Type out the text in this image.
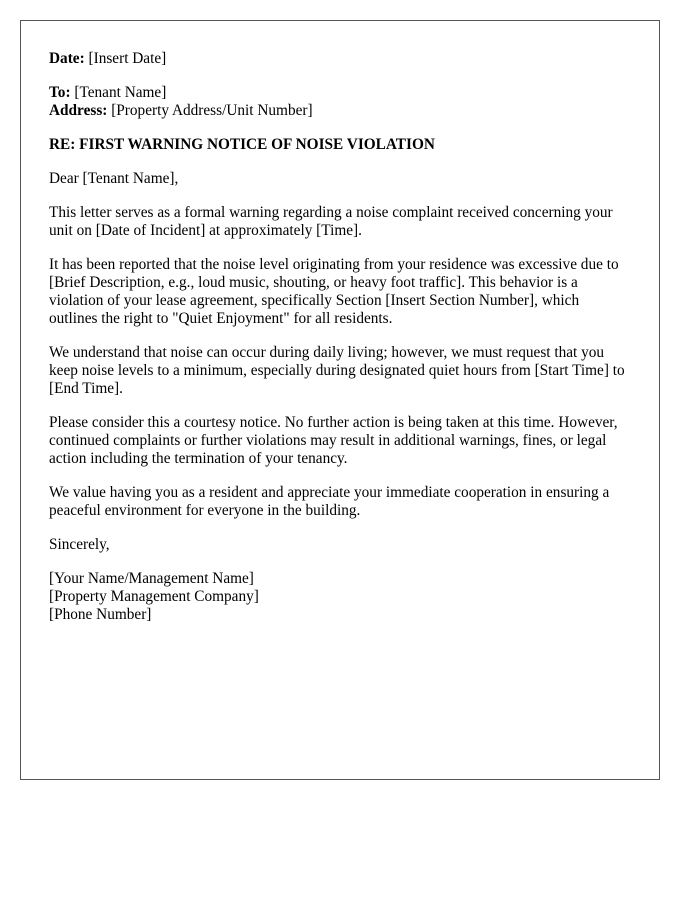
Date: [Insert Date]
To: [Tenant Name]
Address: [Property Address/Unit Number]
RE: FIRST WARNING NOTICE OF NOISE VIOLATION

Dear [Tenant Name],

This letter serves as a formal warning regarding a noise complaint received concerning your unit on [Date of Incident] at approximately [Time].

It has been reported that the noise level originating from your residence was excessive due to [Brief Description, e.g., loud music, shouting, or heavy foot traffic]. This behavior is a violation of your lease agreement, specifically Section [Insert Section Number], which outlines the right to "Quiet Enjoyment" for all residents.

We understand that noise can occur during daily living; however, we must request that you keep noise levels to a minimum, especially during designated quiet hours from [Start Time] to [End Time].

Please consider this a courtesy notice. No further action is being taken at this time. However, continued complaints or further violations may result in additional warnings, fines, or legal action including the termination of your tenancy.

We value having you as a resident and appreciate your immediate cooperation in ensuring a peaceful environment for everyone in the building.

Sincerely,

[Your Name/Management Name]
[Property Management Company]
[Phone Number]
